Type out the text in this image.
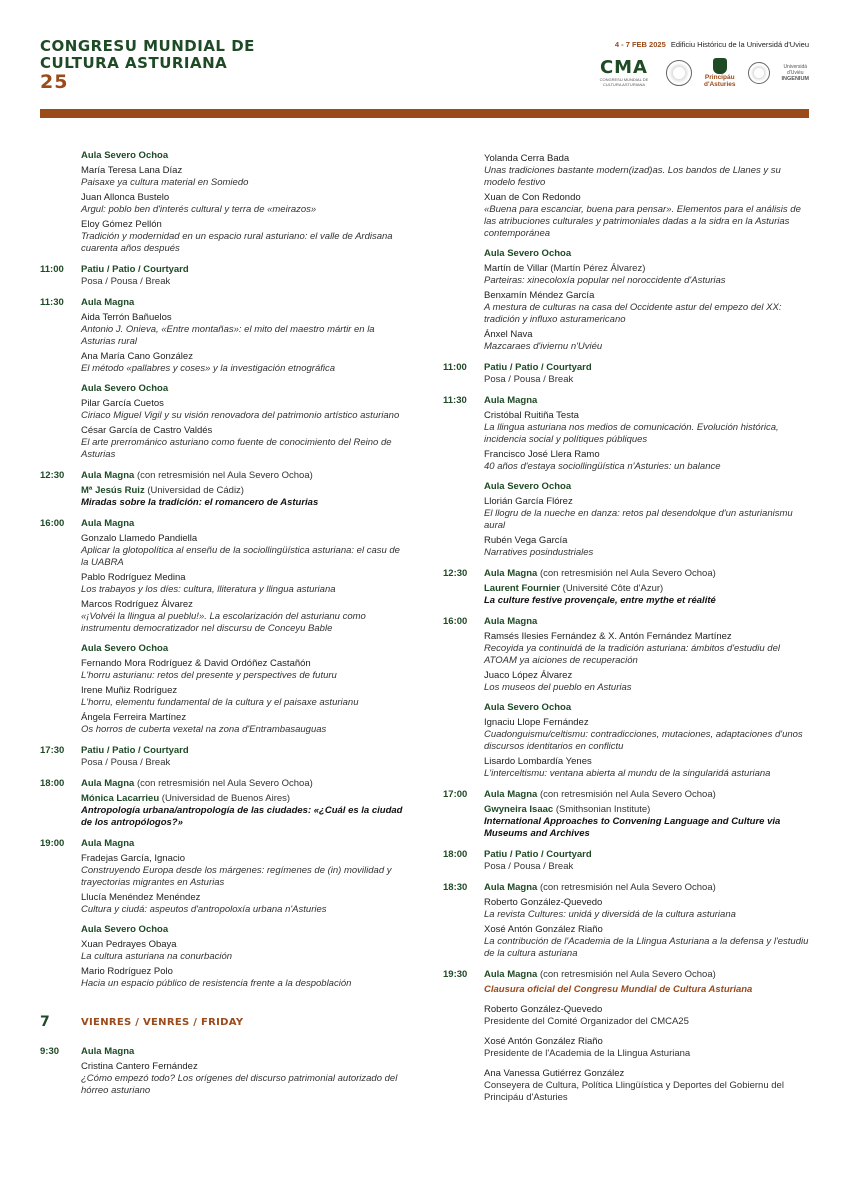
CONGRESU MUNDIAL DE
CULTURA ASTURIANA
25
4 - 7 FEB 2025 Edificiu Históricu de la Universidá d'Uvieu
CMA
CONGRESU MUNDIAL DE CULTURA ASTURIANA
Principáu
d'Asturies
Universidá d'Uviéu
INGENIUM
Aula Severo Ochoa
María Teresa Lana Díaz
Paisaxe ya cultura material en Somiedo
Juan Allonca Bustelo
Argul: poblo ben d'interés cultural y terra de «meirazos»
Eloy Gómez Pellón
Tradición y modernidad en un espacio rural asturiano: el valle de Ardisana cuarenta años después
11:00	Patiu / Patio / Courtyard
Posa / Pousa / Break
11:30	Aula Magna
Aida Terrón Bañuelos
Antonio J. Onieva, «Entre montañas»: el mito del maestro mártir en la Asturias rural
Ana María Cano González
El método «pallabres y coses» y la investigación etnográfica
Aula Severo Ochoa
Pilar García Cuetos
Ciriaco Miguel Vigil y su visión renovadora del patrimonio artístico asturiano
César García de Castro Valdés
El arte prerrománico asturiano como fuente de conocimiento del Reino de Asturias
12:30	Aula Magna (con retresmisión nel Aula Severo Ochoa)
Mª Jesús Ruiz (Universidad de Cádiz)
Miradas sobre la tradición: el romancero de Asturias
16:00	Aula Magna
Gonzalo Llamedo Pandiella
Aplicar la glotopolítica al enseñu de la sociollingüística asturiana: el casu de la UABRA
Pablo Rodríguez Medina
Los trabayos y los díes: cultura, lliteratura y llingua asturiana
Marcos Rodríguez Álvarez
«¡Volvéi la llingua al pueblu!». La escolarización del asturianu como instrumentu democratizador nel discursu de Conceyu Bable
Aula Severo Ochoa
Fernando Mora Rodríguez & David Ordóñez Castañón
L'horru asturianu: retos del presente y perspectives de futuru
Irene Muñiz Rodríguez
L'horru, elementu fundamental de la cultura y el paisaxe asturianu
Ángela Ferreira Martínez
Os horros de cuberta vexetal na zona d'Entrambasauguas
17:30	Patiu / Patio / Courtyard
Posa / Pousa / Break
18:00	Aula Magna (con retresmisión nel Aula Severo Ochoa)
Mónica Lacarrieu (Universidad de Buenos Aires)
Antropología urbana/antropología de las ciudades: «¿Cuál es la ciudad de los antropólogos?»
19:00	Aula Magna
Fradejas García, Ignacio
Construyendo Europa desde los márgenes: regímenes de (in) movilidad y trayectorias migrantes en Asturias
Llucía Menéndez Menéndez
Cultura y ciudá: aspeutos d'antropoloxía urbana n'Asturies
Aula Severo Ochoa
Xuan Pedrayes Obaya
La cultura asturiana na conurbación
Mario Rodríguez Polo
Hacia un espacio público de resistencia frente a la despoblación
7	VIENRES / VENRES / FRIDAY
9:30	Aula Magna
Cristina Cantero Fernández
¿Cómo empezó todo? Los orígenes del discurso patrimonial autorizado del hórreo asturiano
Yolanda Cerra Bada
Unas tradiciones bastante modern(izad)as. Los bandos de Llanes y su modelo festivo
Xuan de Con Redondo
«Buena para escanciar, buena para pensar». Elementos para el análisis de las atribuciones culturales y patrimoniales dadas a la sidra en la Asturias contemporánea
Aula Severo Ochoa
Martín de Villar (Martín Pérez Álvarez)
Parteiras: xinecoloxía popular nel noroccidente d'Asturias
Benxamín Méndez García
A mestura de culturas na casa del Occidente astur del empezo del XX: tradición y influxo asturamericano
Ánxel Nava
Mazcaraes d'iviernu n'Uviéu
11:00	Patiu / Patio / Courtyard
Posa / Pousa / Break
11:30	Aula Magna
Cristóbal Ruitiña Testa
La llingua asturiana nos medios de comunicación. Evolución histórica, incidencia social y polítiques públiques
Francisco José Llera Ramo
40 años d'estaya sociollingüística n'Asturies: un balance
Aula Severo Ochoa
Llorián García Flórez
El llogru de la nueche en danza: retos pal desendolque d'un asturianismu aural
Rubén Vega García
Narratives posindustriales
12:30	Aula Magna (con retresmisión nel Aula Severo Ochoa)
Laurent Fournier (Université Côte d'Azur)
La culture festive provençale, entre mythe et réalité
16:00	Aula Magna
Ramsés Ilesies Fernández & X. Antón Fernández Martínez
Recoyida ya continuidá de la tradición asturiana: ámbitos d'estudiu del ATOAM ya aiciones de recuperación
Juaco López Álvarez
Los museos del pueblo en Asturias
Aula Severo Ochoa
Ignaciu Llope Fernández
Cuadonguismu/celtismu: contradicciones, mutaciones, adaptaciones d'unos discursos identitarios en conflictu
Lisardo Lombardía Yenes
L'interceltismu: ventana abierta al mundu de la singularidá asturiana
17:00	Aula Magna (con retresmisión nel Aula Severo Ochoa)
Gwyneira Isaac (Smithsonian Institute)
International Approaches to Convening Language and Culture via Museums and Archives
18:00	Patiu / Patio / Courtyard
Posa / Pousa / Break
18:30	Aula Magna (con retresmisión nel Aula Severo Ochoa)
Roberto González-Quevedo
La revista Cultures: unidá y diversidá de la cultura asturiana
Xosé Antón González Riaño
La contribución de l'Academia de la Llingua Asturiana a la defensa y l'estudiu de la cultura asturiana
19:30	Aula Magna (con retresmisión nel Aula Severo Ochoa)
Clausura oficial del Congresu Mundial de Cultura Asturiana
Roberto González-Quevedo
Presidente del Comité Organizador del CMCA25
Xosé Antón González Riaño
Presidente de l'Academia de la Llingua Asturiana
Ana Vanessa Gutiérrez González
Conseyera de Cultura, Política Llingüística y Deportes del Gobiernu del Principáu d'Asturies
